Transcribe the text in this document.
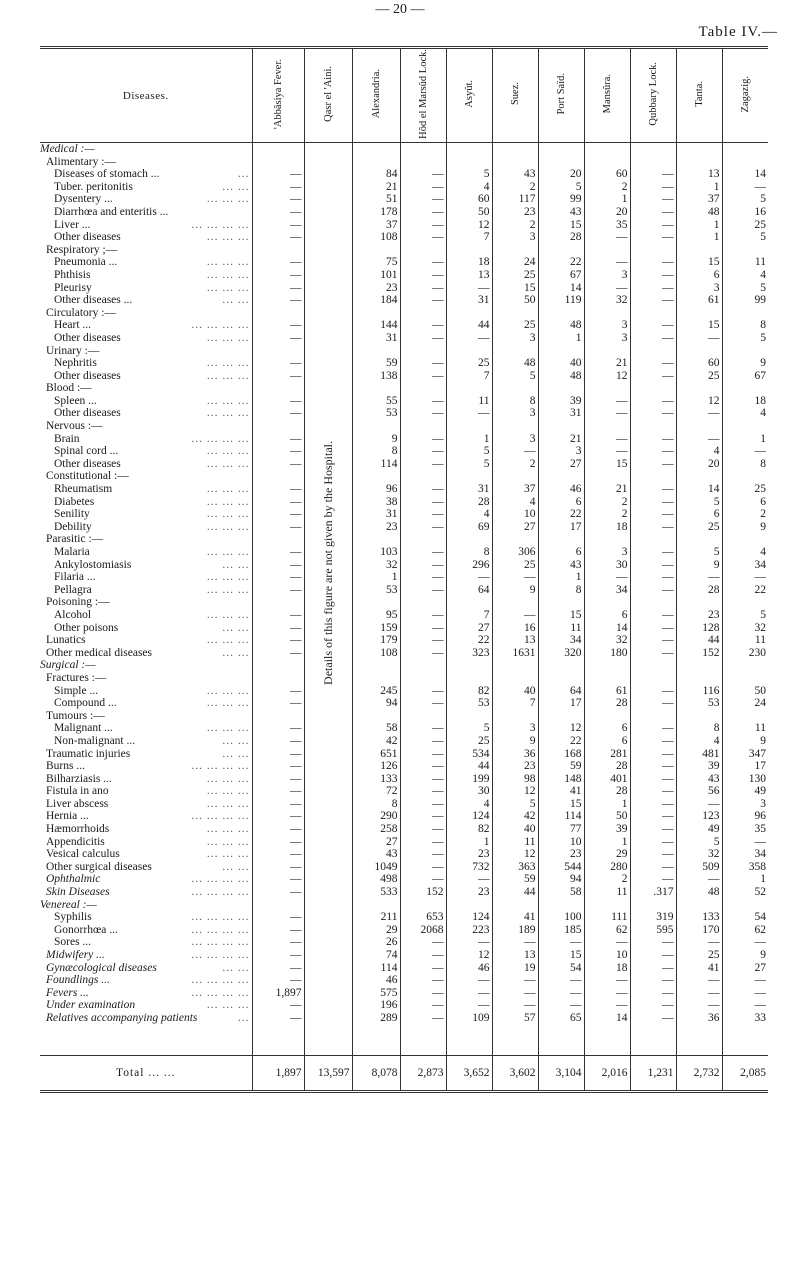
— 20 —
Table IV.—
Diseases.	'Abbâsiya Fever.	Qasr el 'Aini.	Alexandria.	Hôd el Marsûd Lock.	Asyût.	Suez.	Port Saïd.	Mansûra.	Qubbary Lock.	Tanta.	Zagazig.
Medical :—											
Alimentary :—											
Diseases of stomach ... ...	—		84	—	5	43	20	60	—	13	14
Tuber. peritonitis ... ...	—		21	—	4	2	5	2	—	1	—
Dysentery ... ... ... ...	—		51	—	60	117	99	1	—	37	5
Diarrhœa and enteritis ...	—		178	—	50	23	43	20	—	48	16
Liver ... ... ... ... ...	—		37	—	12	2	15	35	—	1	25
Other diseases ... ... ...	—		108	—	7	3	28	—	—	1	5
Respiratory ;—											
Pneumonia ... ... ... ...	—		75	—	18	24	22	—	—	15	11
Phthisis ... ... ...	—		101	—	13	25	67	3	—	6	4
Pleurisy ... ... ...	—		23	—	—	15	14	—	—	3	5
Other diseases ... ... ...	—		184	—	31	50	119	32	—	61	99
Circulatory :—											
Heart ... ... ... ... ...	—		144	—	44	25	48	3	—	15	8
Other diseases ... ... ...	—		31	—	—	3	1	3	—	—	5
Urinary :—											
Nephritis ... ... ...	—		59	—	25	48	40	21	—	60	9
Other diseases ... ... ...	—		138	—	7	5	48	12	—	25	67
Blood :—											
Spleen ... ... ... ...	—		55	—	11	8	39	—	—	12	18
Other diseases ... ... ...	—		53	—	—	3	31	—	—	—	4
Nervous :—											
Brain ... ... ... ...	—		9	—	1	3	21	—	—	—	1
Spinal cord ... ... ... ...	—		8	—	5	—	3	—	—	4	—
Other diseases ... ... ...	—		114	—	5	2	27	15	—	20	8
Constitutional :—											
Rheumatism ... ... ...	—		96	—	31	37	46	21	—	14	25
Diabetes ... ... ...	—		38	—	28	4	6	2	—	5	6
Senility ... ... ...	—		31	—	4	10	22	2	—	6	2
Debility ... ... ...	—		23	—	69	27	17	18	—	25	9
Parasitic :—											
Malaria ... ... ...	—		103	—	8	306	6	3	—	5	4
Ankylostomiasis ... ...	—		32	—	296	25	43	30	—	9	34
Filaria ... ... ... ...	—		1	—	—	—	1	—	—	—	—
Pellagra ... ... ...	—		53	—	64	9	8	34	—	28	22
Poisoning :—											
Alcohol ... ... ...	—		95	—	7	—	15	6	—	23	5
Other poisons ... ...	—		159	—	27	16	11	14	—	128	32
Lunatics ... ... ...	—		179	—	22	13	34	32	—	44	11
Other medical diseases ... ...	—		108	—	323	1631	320	180	—	152	230
Surgical :—											
Fractures :—											
Simple ... ... ... ...	—		245	—	82	40	64	61	—	116	50
Compound ... ... ... ...	—		94	—	53	7	17	28	—	53	24
Tumours :—											
Malignant ... ... ... ...	—		58	—	5	3	12	6	—	8	11
Non-malignant ... ... ...	—		42	—	25	9	22	6	—	4	9
Traumatic injuries ... ...	—		651	—	534	36	168	281	—	481	347
Burns ... ... ... ... ...	—		126	—	44	23	59	28	—	39	17
Bilharziasis ... ... ... ...	—		133	—	199	98	148	401	—	43	130
Fistula in ano ... ... ...	—		72	—	30	12	41	28	—	56	49
Liver abscess ... ... ...	—		8	—	4	5	15	1	—	—	3
Hernia ... ... ... ... ...	—		290	—	124	42	114	50	—	123	96
Hæmorrhoids ... ... ...	—		258	—	82	40	77	39	—	49	35
Appendicitis ... ... ...	—		27	—	1	11	10	1	—	5	—
Vesical calculus ... ... ...	—		43	—	23	12	23	29	—	32	34
Other surgical diseases ... ...	—		1049	—	732	363	544	280	—	509	358
Ophthalmic ... ... ... ...	—		498	—	—	59	94	2	—	—	1
Skin Diseases ... ... ... ...	—		533	152	23	44	58	11	.317	48	52
Venereal :—											
Syphilis ... ... ... ...	—		211	653	124	41	100	111	319	133	54
Gonorrhœa ... ... ... ... ...	—		29	2068	223	189	185	62	595	170	62
Sores ... ... ... ... ...	—		26	—	—	—	—	—	—	—	—
Midwifery ... ... ... ... ...	—		74	—	12	13	15	10	—	25	9
Gynæcological diseases ... ...	—		114	—	46	19	54	18	—	41	27
Foundlings ... ... ... ... ...	—		46	—	—	—	—	—	—	—	—
Fevers ... ... ... ... ...	1,897		575	—	—	—	—	—	—	—	—
Under examination ... ... ...	—		196	—	—	—	—	—	—	—	—
Relatives accompanying patients ...	—		289	—	109	57	65	14	—	36	33

Total ... ...	1,897	13,597	8,078	2,873	3,652	3,602	3,104	2,016	1,231	2,732	2,085
Details of this figure are not given by the Hospital.
